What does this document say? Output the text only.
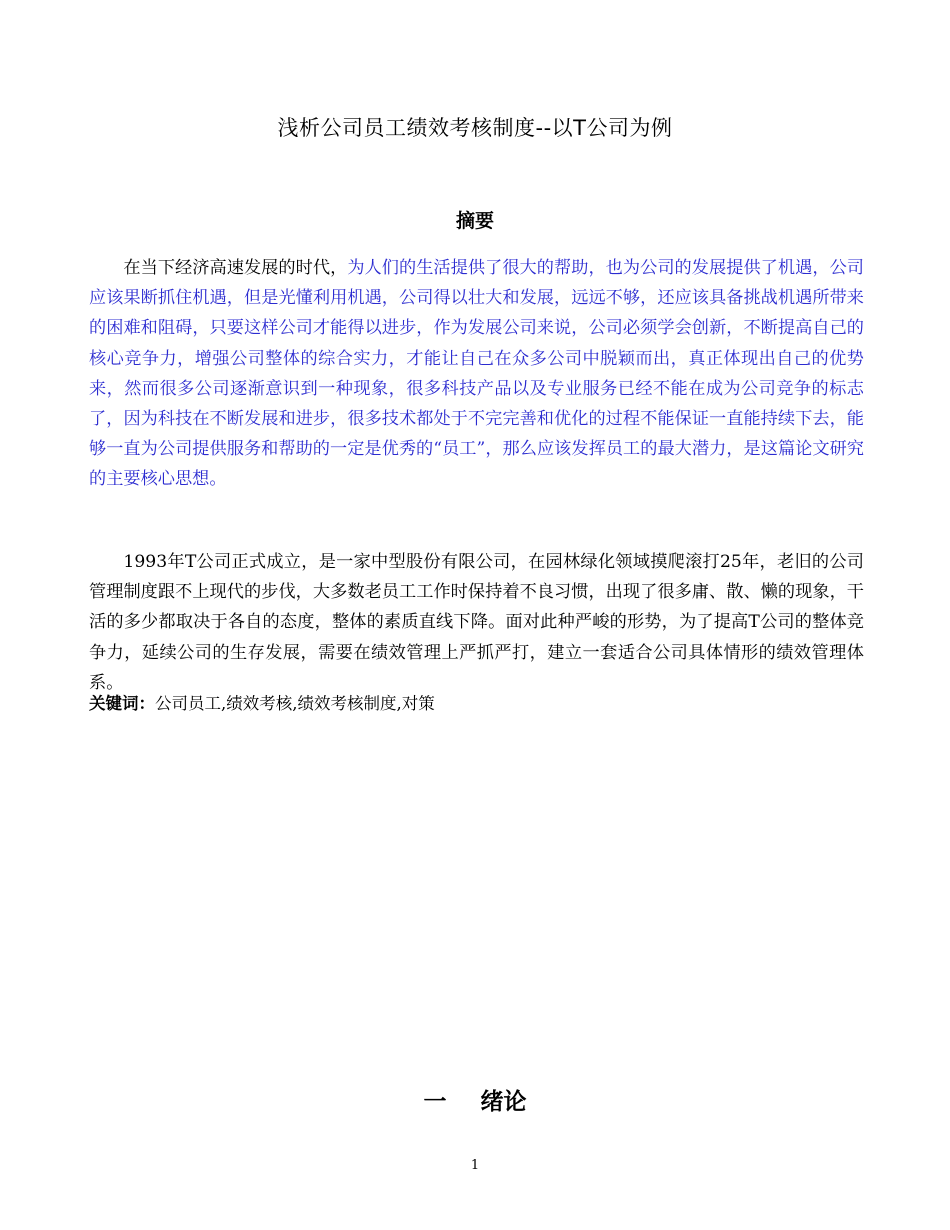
浅析公司员工绩效考核制度--以T公司为例
摘要

在当下经济高速发展的时代，为人们的生活提供了很大的帮助，也为公司的发展提供了机遇，公司应该果断抓住机遇，但是光懂利用机遇，公司得以壮大和发展，远远不够，还应该具备挑战机遇所带来的困难和阻碍，只要这样公司才能得以进步，作为发展公司来说，公司必须学会创新，不断提高自己的核心竞争力，增强公司整体的综合实力，才能让自己在众多公司中脱颖而出，真正体现出自己的优势来，然而很多公司逐渐意识到一种现象，很多科技产品以及专业服务已经不能在成为公司竞争的标志了，因为科技在不断发展和进步，很多技术都处于不完完善和优化的过程不能保证一直能持续下去，能够一直为公司提供服务和帮助的一定是优秀的“员工”，那么应该发挥员工的最大潜力，是这篇论文研究的主要核心思想。

1993年T公司正式成立，是一家中型股份有限公司，在园林绿化领域摸爬滚打25年，老旧的公司管理制度跟不上现代的步伐，大多数老员工工作时保持着不良习惯，出现了很多庸、散、懒的现象，干活的多少都取决于各自的态度，整体的素质直线下降。面对此种严峻的形势，为了提高T公司的整体竞争力，延续公司的生存发展，需要在绩效管理上严抓严打，建立一套适合公司具体情形的绩效管理体系。

关键词：公司员工,绩效考核,绩效考核制度,对策

一 绪论
1
